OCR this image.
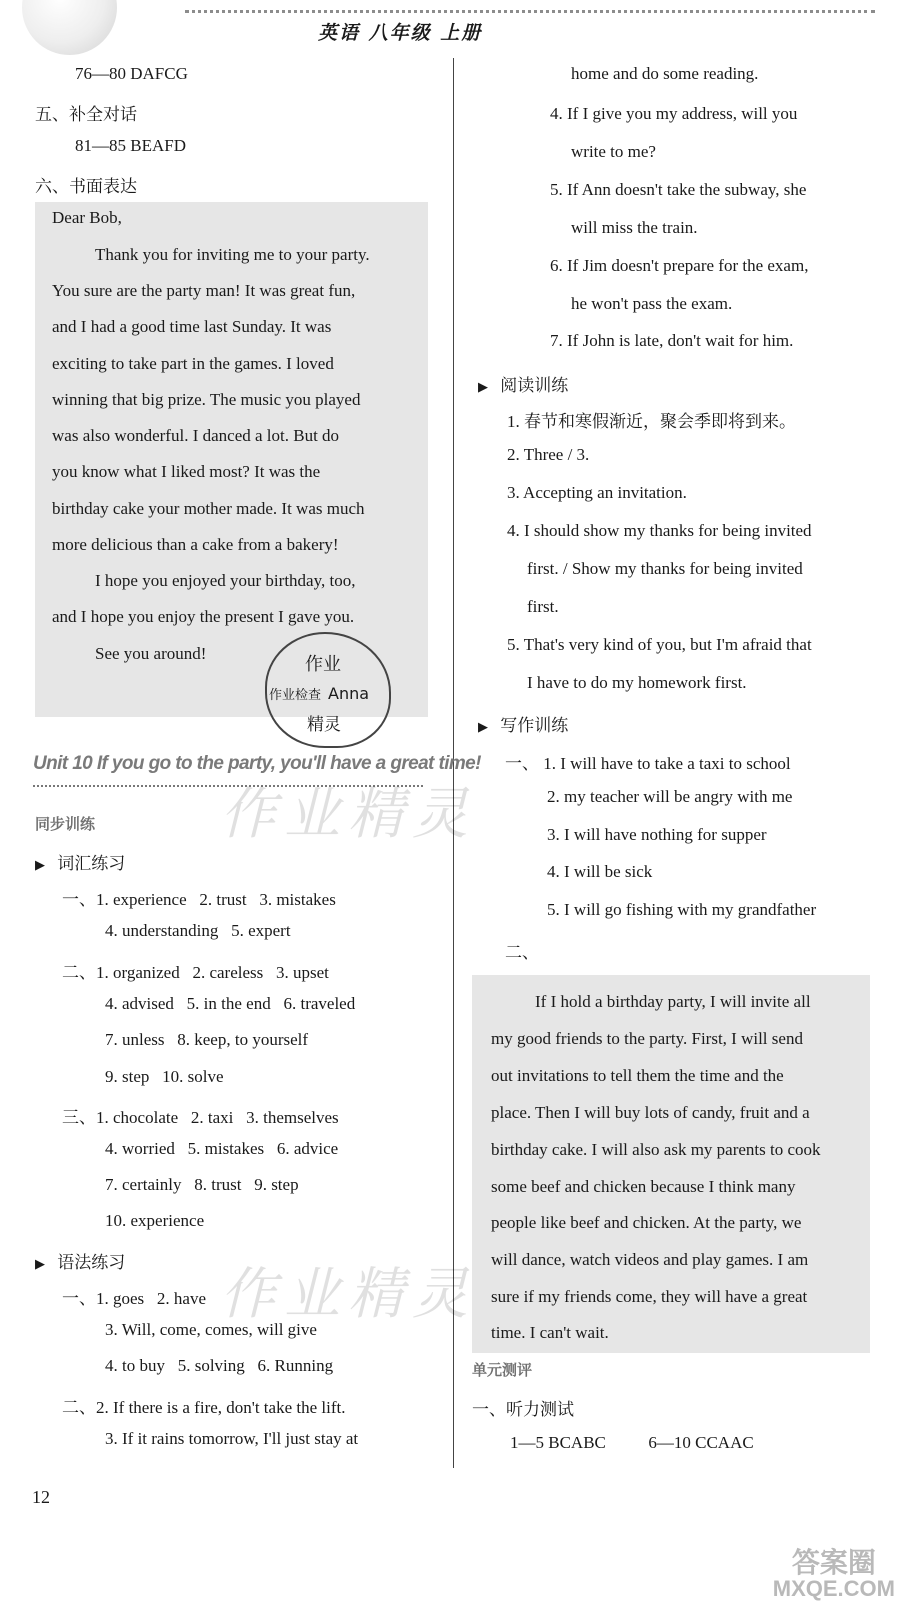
英语 八年级 上册
76—80 DAFCG
五、补全对话
81—85 BEAFD
六、书面表达
Dear Bob,
Thank you for inviting me to your party.
You sure are the party man! It was great fun,
and I had a good time last Sunday. It was
exciting to take part in the games. I loved
winning that big prize. The music you played
was also wonderful. I danced a lot. But do
you know what I liked most? It was the
birthday cake your mother made. It was much
more delicious than a cake from a bakery!
I hope you enjoyed your birthday, too,
and I hope you enjoy the present I gave you.
See you around!
作业
作业检查
精灵
Anna
Unit 10 If you go to the party, you'll have a great time!
同步训练
▶ 词汇练习
一、1. experience   2. trust   3. mistakes
4. understanding   5. expert
二、1. organized   2. careless   3. upset
4. advised   5. in the end   6. traveled
7. unless   8. keep, to yourself
9. step   10. solve
三、1. chocolate   2. taxi   3. themselves
4. worried   5. mistakes   6. advice
7. certainly   8. trust   9. step
10. experience
▶ 语法练习
一、1. goes   2. have
3. Will, come, comes, will give
4. to buy   5. solving   6. Running
二、2. If there is a fire, don't take the lift.
3. If it rains tomorrow, I'll just stay at
home and do some reading.
4. If I give you my address, will you
write to me?
5. If Ann doesn't take the subway, she
will miss the train.
6. If Jim doesn't prepare for the exam,
he won't pass the exam.
7. If John is late, don't wait for him.
▶ 阅读训练
1. 春节和寒假渐近，聚会季即将到来。
2. Three / 3.
3. Accepting an invitation.
4. I should show my thanks for being invited
first. / Show my thanks for being invited
first.
5. That's very kind of you, but I'm afraid that
I have to do my homework first.
▶ 写作训练
一、 1. I will have to take a taxi to school
2. my teacher will be angry with me
3. I will have nothing for supper
4. I will be sick
5. I will go fishing with my grandfather
二、
If I hold a birthday party, I will invite all
my good friends to the party. First, I will send
out invitations to tell them the time and the
place. Then I will buy lots of candy, fruit and a
birthday cake. I will also ask my parents to cook
some beef and chicken because I think many
people like beef and chicken. At the party, we
will dance, watch videos and play games. I am
sure if my friends come, they will have a great
time. I can't wait.
单元测评
一、听力测试
1—5 BCABC          6—10 CCAAC
作业精灵
作业精灵
答案圈
MXQE.COM
12
